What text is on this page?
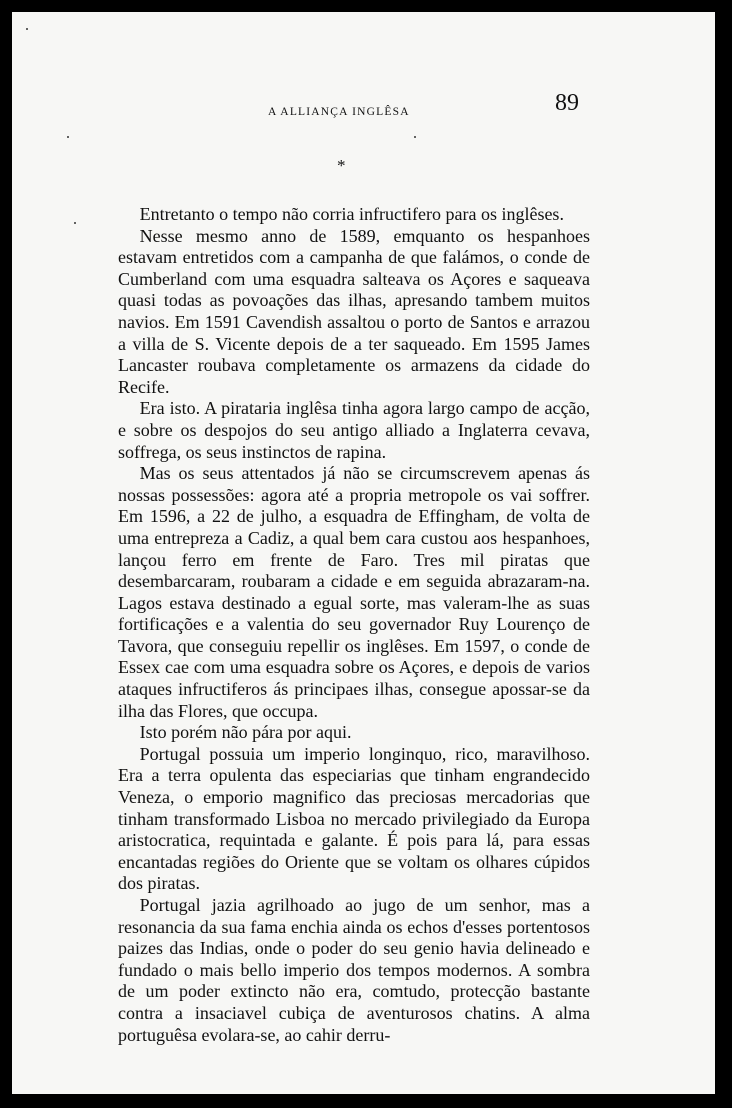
A ALLIANÇA INGLÊSA	89
*

Entretanto o tempo não corria infructifero para os inglêses.

Nesse mesmo anno de 1589, emquanto os hespanhoes estavam entretidos com a campanha de que falámos, o conde de Cumberland com uma esquadra salteava os Açores e saqueava quasi todas as povoações das ilhas, apresando tambem muitos navios. Em 1591 Cavendish assaltou o porto de Santos e arrazou a villa de S. Vicente depois de a ter saqueado. Em 1595 James Lancaster roubava completamente os armazens da cidade do Recife.

Era isto. A pirataria inglêsa tinha agora largo campo de acção, e sobre os despojos do seu antigo alliado a Inglaterra cevava, soffrega, os seus instinctos de rapina.

Mas os seus attentados já não se circumscrevem apenas ás nossas possessões: agora até a propria metropole os vai soffrer. Em 1596, a 22 de julho, a esquadra de Effingham, de volta de uma entrepreza a Cadiz, a qual bem cara custou aos hespanhoes, lançou ferro em frente de Faro. Tres mil piratas que desembarcaram, roubaram a cidade e em seguida abrazaram-na. Lagos estava destinado a egual sorte, mas valeram-lhe as suas fortificações e a valentia do seu governador Ruy Lourenço de Tavora, que conseguiu repellir os inglêses. Em 1597, o conde de Essex cae com uma esquadra sobre os Açores, e depois de varios ataques infructiferos ás principaes ilhas, consegue apossar-se da ilha das Flores, que occupa.

Isto porém não pára por aqui.

Portugal possuia um imperio longinquo, rico, maravilhoso. Era a terra opulenta das especiarias que tinham engrandecido Veneza, o emporio magnifico das preciosas mercadorias que tinham transformado Lisboa no mercado privilegiado da Europa aristocratica, requintada e galante. É pois para lá, para essas encantadas regiões do Oriente que se voltam os olhares cúpidos dos piratas.

Portugal jazia agrilhoado ao jugo de um senhor, mas a resonancia da sua fama enchia ainda os echos d'esses portentosos paizes das Indias, onde o poder do seu genio havia delineado e fundado o mais bello imperio dos tempos modernos. A sombra de um poder extincto não era, comtudo, protecção bastante contra a insaciavel cubiça de aventurosos chatins. A alma portuguêsa evolara-se, ao cahir derru-
